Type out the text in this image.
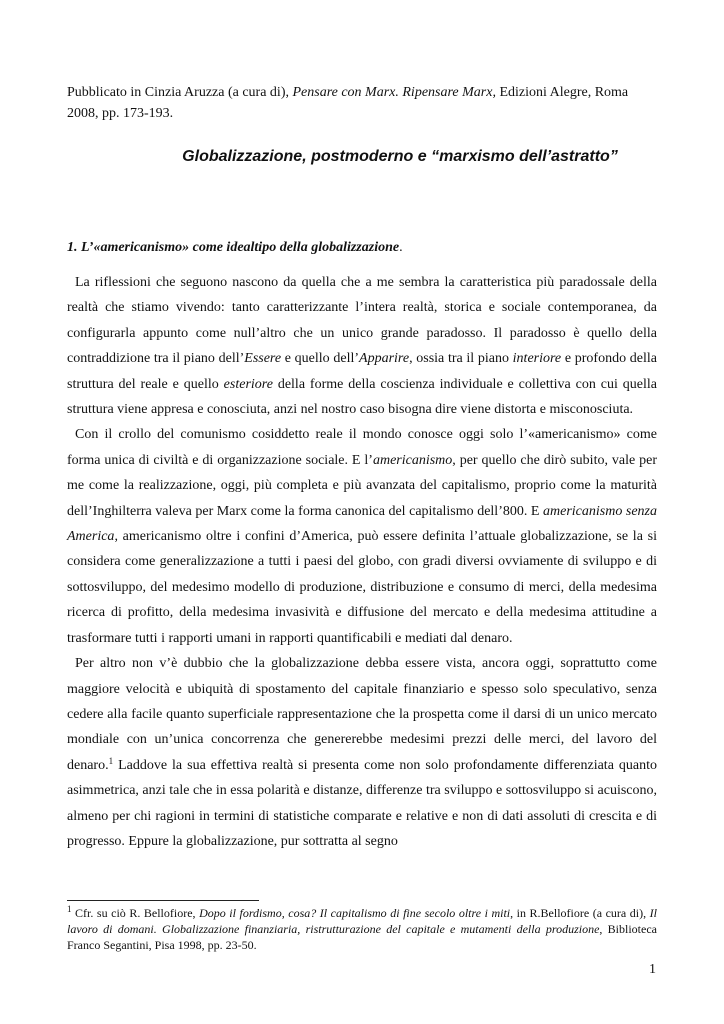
Pubblicato in Cinzia Aruzza (a cura di), Pensare con Marx. Ripensare Marx, Edizioni Alegre, Roma 2008, pp. 173-193.

Globalizzazione, postmoderno e “marxismo dell’astratto”

1. L’«americanismo» come idealtipo della globalizzazione.

La riflessioni che seguono nascono da quella che a me sembra la caratteristica più paradossale della realtà che stiamo vivendo: tanto caratterizzante l’intera realtà, storica e sociale contemporanea, da configurarla appunto come null’altro che un unico grande paradosso. Il paradosso è quello della contraddizione tra il piano dell’Essere e quello dell’Apparire, ossia tra il piano interiore e profondo della struttura del reale e quello esteriore della forme della coscienza individuale e collettiva con cui quella struttura viene appresa e conosciuta, anzi nel nostro caso bisogna dire viene distorta e misconosciuta.

Con il crollo del comunismo cosiddetto reale il mondo conosce oggi solo l’«americanismo» come forma unica di civiltà e di organizzazione sociale. E l’americanismo, per quello che dirò subito, vale per me come la realizzazione, oggi, più completa e più avanzata del capitalismo, proprio come la maturità dell’Inghilterra valeva per Marx come la forma canonica del capitalismo dell’800. E americanismo senza America, americanismo oltre i confini d’America, può essere definita l’attuale globalizzazione, se la si considera come generalizzazione a tutti i paesi del globo, con gradi diversi ovviamente di sviluppo e di sottosviluppo, del medesimo modello di produzione, distribuzione e consumo di merci, della medesima ricerca di profitto, della medesima invasività e diffusione del mercato e della medesima attitudine a trasformare tutti i rapporti umani in rapporti quantificabili e mediati dal denaro.

Per altro non v’è dubbio che la globalizzazione debba essere vista, ancora oggi, soprattutto come maggiore velocità e ubiquità di spostamento del capitale finanziario e spesso solo speculativo, senza cedere alla facile quanto superficiale rappresentazione che la prospetta come il darsi di un unico mercato mondiale con un’unica concorrenza che genererebbe medesimi prezzi delle merci, del lavoro del denaro.$^1$ Laddove la sua effettiva realtà si presenta come non solo profondamente differenziata quanto asimmetrica, anzi tale che in essa polarità e distanze, differenze tra sviluppo e sottosviluppo si acuiscono, almeno per chi ragioni in termini di statistiche comparate e relative e non di dati assoluti di crescita e di progresso. Eppure la globalizzazione, pur sottratta al segno

$^1$ Cfr. su ciò R. Bellofiore, Dopo il fordismo, cosa? Il capitalismo di fine secolo oltre i miti, in R.Bellofiore (a cura di), Il lavoro di domani. Globalizzazione finanziaria, ristrutturazione del capitale e mutamenti della produzione, Biblioteca Franco Segantini, Pisa 1998, pp. 23-50.

1
